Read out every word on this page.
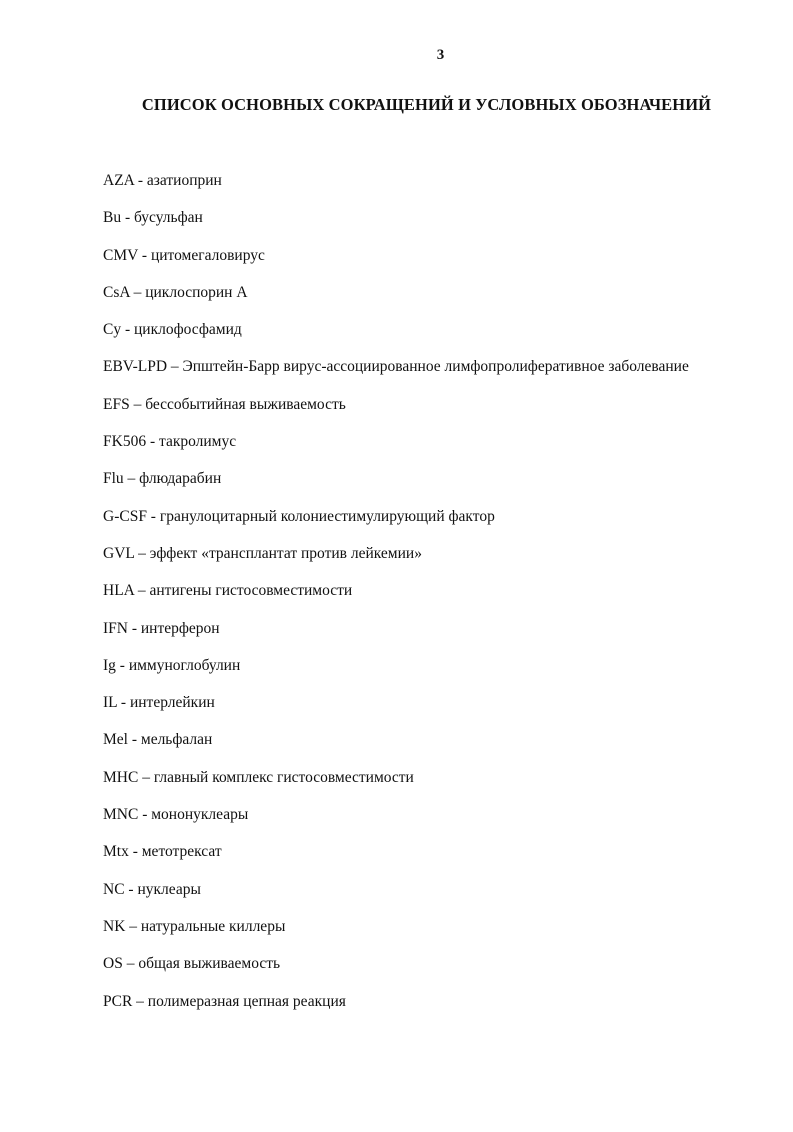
3
СПИСОК ОСНОВНЫХ СОКРАЩЕНИЙ И УСЛОВНЫХ ОБОЗНАЧЕНИЙ
AZA - азатиоприн
Bu - бусульфан
CMV - цитомегаловирус
CsA – циклоспорин А
Cy - циклофосфамид
EBV-LPD – Эпштейн-Барр вирус-ассоциированное лимфопролиферативное заболевание
EFS – бессобытийная выживаемость
FK506 - такролимус
Flu – флюдарабин
G-CSF - гранулоцитарный колониестимулирующий фактор
GVL – эффект «трансплантат против лейкемии»
HLA – антигены гистосовместимости
IFN - интерферон
Ig - иммуноглобулин
IL - интерлейкин
Mel - мельфалан
MHC – главный комплекс гистосовместимости
MNC - мононуклеары
Mtx - метотрексат
NC - нуклеары
NK – натуральные киллеры
OS – общая выживаемость
PCR – полимеразная цепная реакция
